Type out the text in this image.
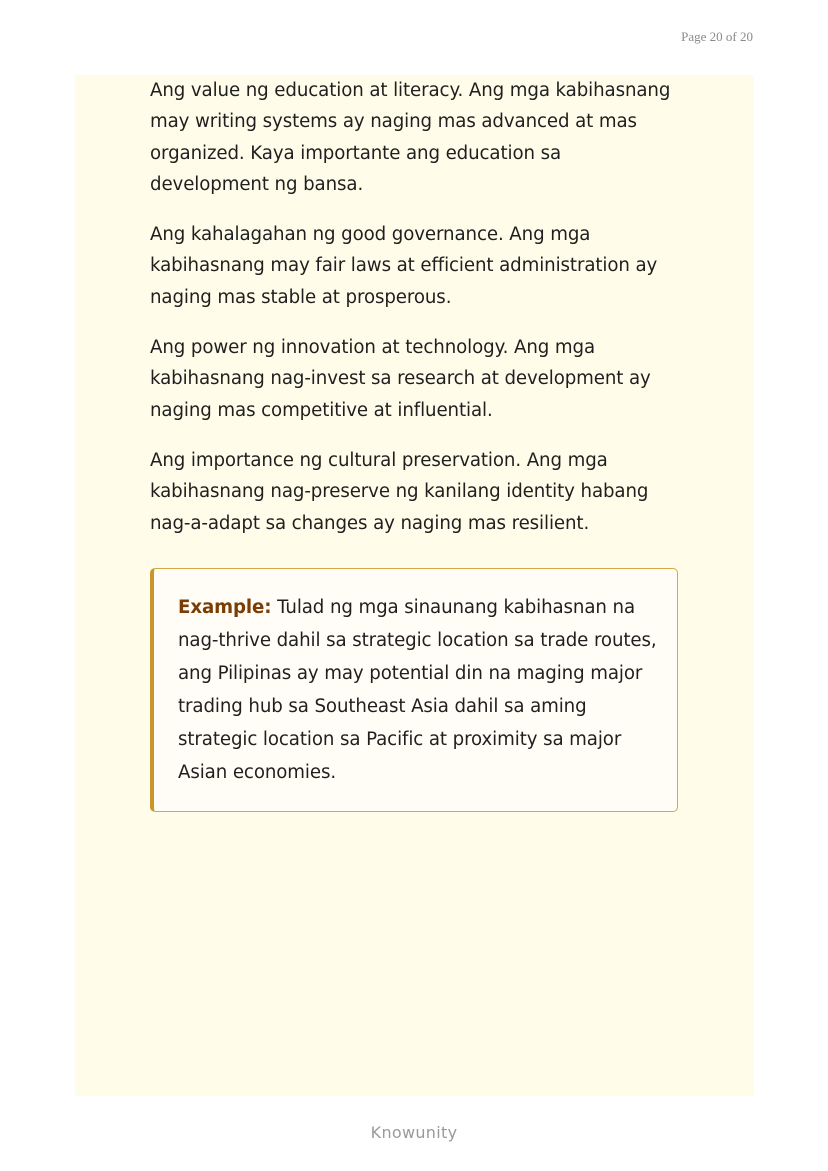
Page 20 of 20

Ang value ng education at literacy. Ang mga kabihasnang may writing systems ay naging mas advanced at mas organized. Kaya importante ang education sa development ng bansa.

Ang kahalagahan ng good governance. Ang mga kabihasnang may fair laws at efficient administration ay naging mas stable at prosperous.

Ang power ng innovation at technology. Ang mga kabihasnang nag-invest sa research at development ay naging mas competitive at influential.

Ang importance ng cultural preservation. Ang mga kabihasnang nag-preserve ng kanilang identity habang nag-a-adapt sa changes ay naging mas resilient.

Example: Tulad ng mga sinaunang kabihasnan na nag-thrive dahil sa strategic location sa trade routes, ang Pilipinas ay may potential din na maging major trading hub sa Southeast Asia dahil sa aming strategic location sa Pacific at proximity sa major Asian economies.

Knowunity
